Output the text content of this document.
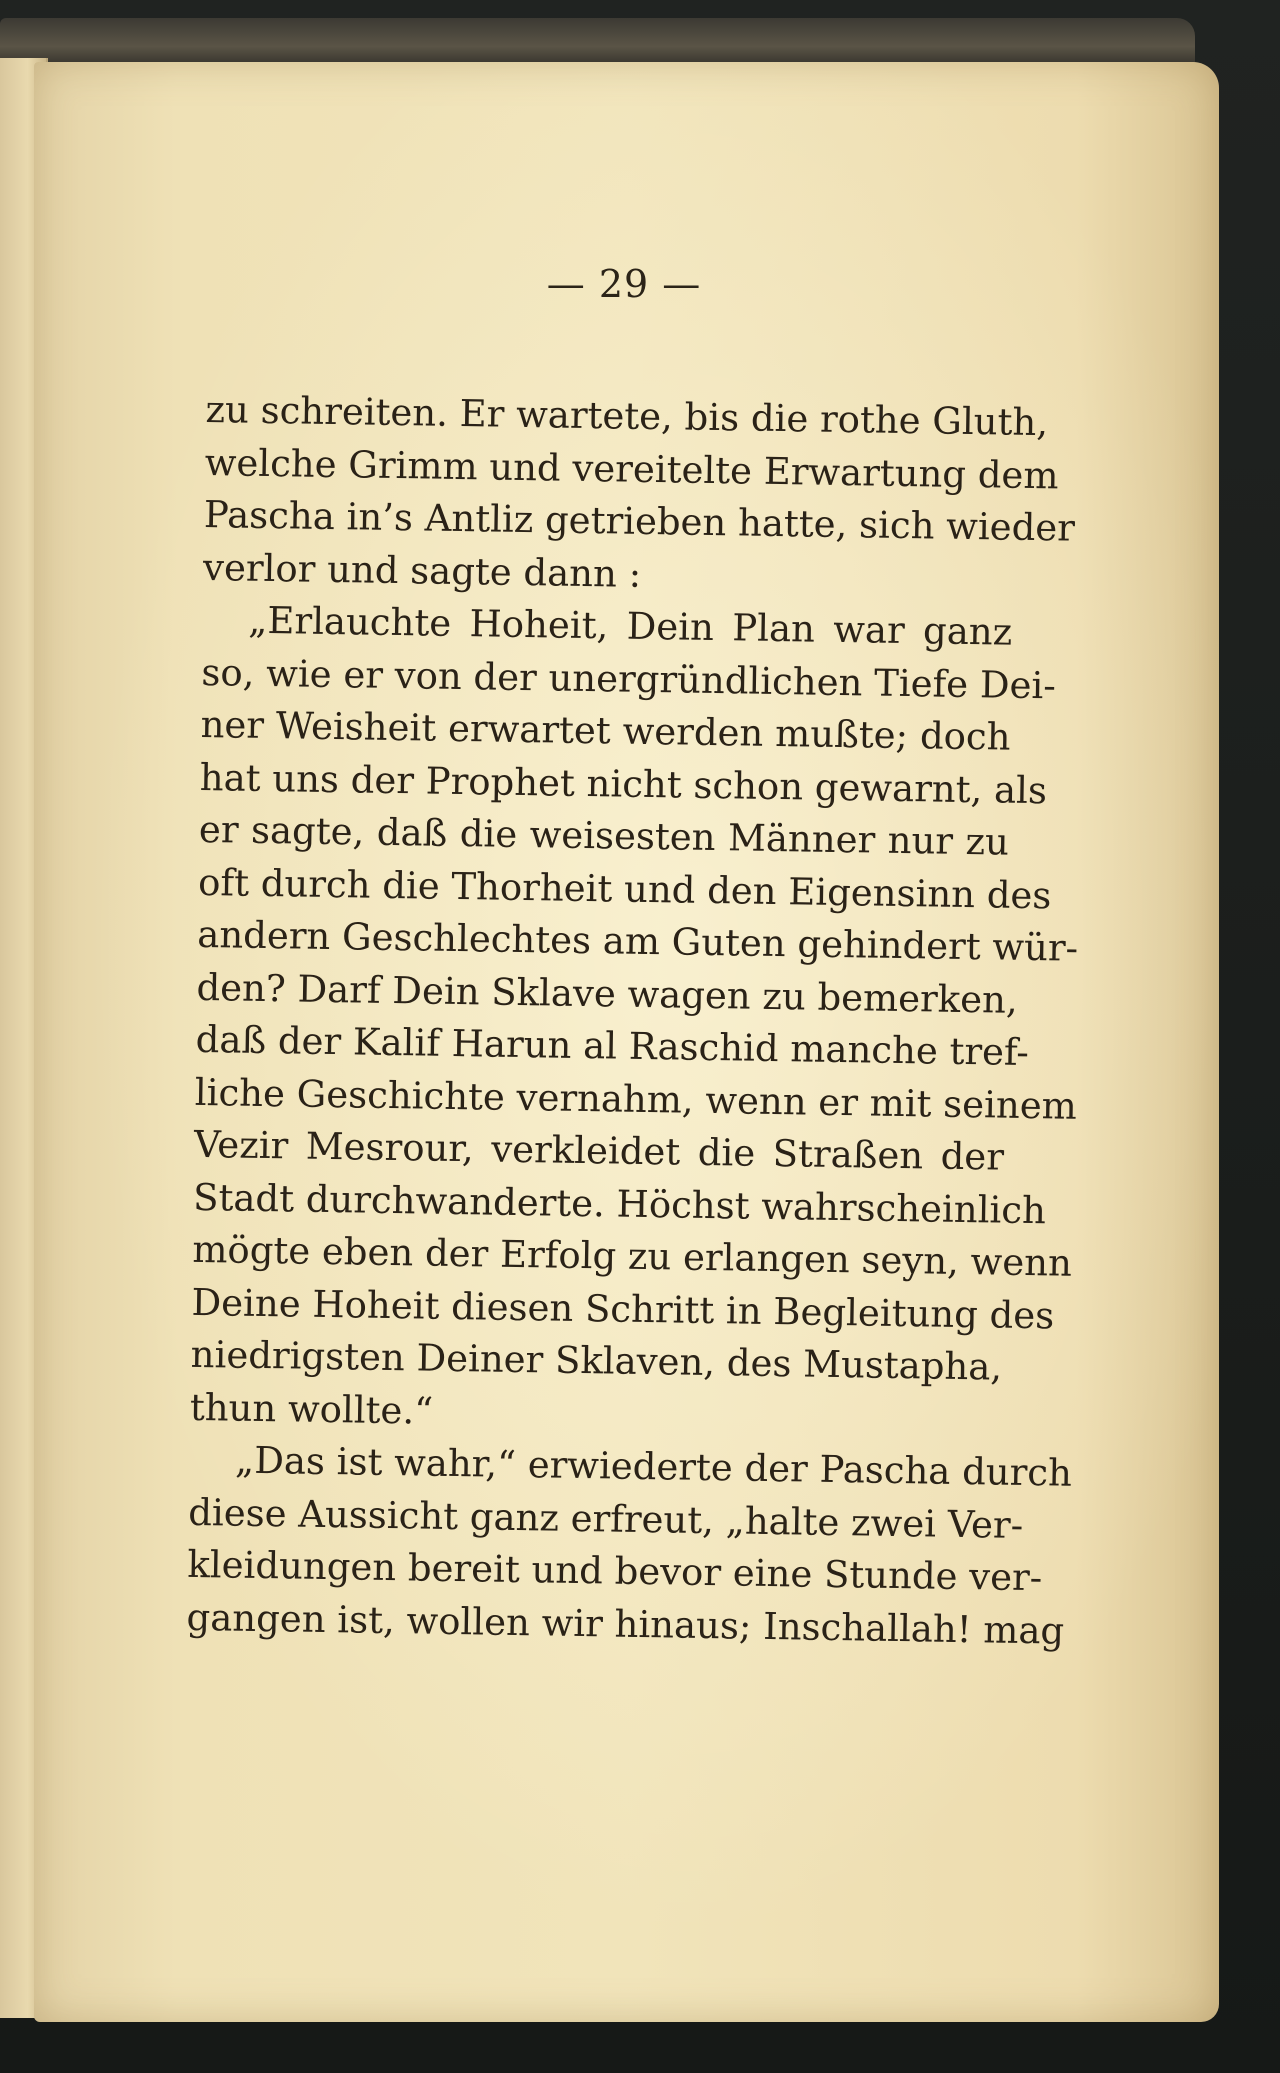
— 29 —
zu schreiten. Er wartete, bis die rothe Gluth,
welche Grimm und vereitelte Erwartung dem
Pascha in’s Antliz getrieben hatte, sich wieder
verlor und sagte dann :
„Erlauchte Hoheit, Dein Plan war ganz
so, wie er von der unergründlichen Tiefe Dei-
ner Weisheit erwartet werden mußte; doch
hat uns der Prophet nicht schon gewarnt, als
er sagte, daß die weisesten Männer nur zu
oft durch die Thorheit und den Eigensinn des
andern Geschlechtes am Guten gehindert wür-
den? Darf Dein Sklave wagen zu bemerken,
daß der Kalif Harun al Raschid manche tref-
liche Geschichte vernahm, wenn er mit seinem
Vezir Mesrour, verkleidet die Straßen der
Stadt durchwanderte. Höchst wahrscheinlich
mögte eben der Erfolg zu erlangen seyn, wenn
Deine Hoheit diesen Schritt in Begleitung des
niedrigsten Deiner Sklaven, des Mustapha,
thun wollte.“
„Das ist wahr,“ erwiederte der Pascha durch
diese Aussicht ganz erfreut, „halte zwei Ver-
kleidungen bereit und bevor eine Stunde ver-
gangen ist, wollen wir hinaus; Inschallah! mag
